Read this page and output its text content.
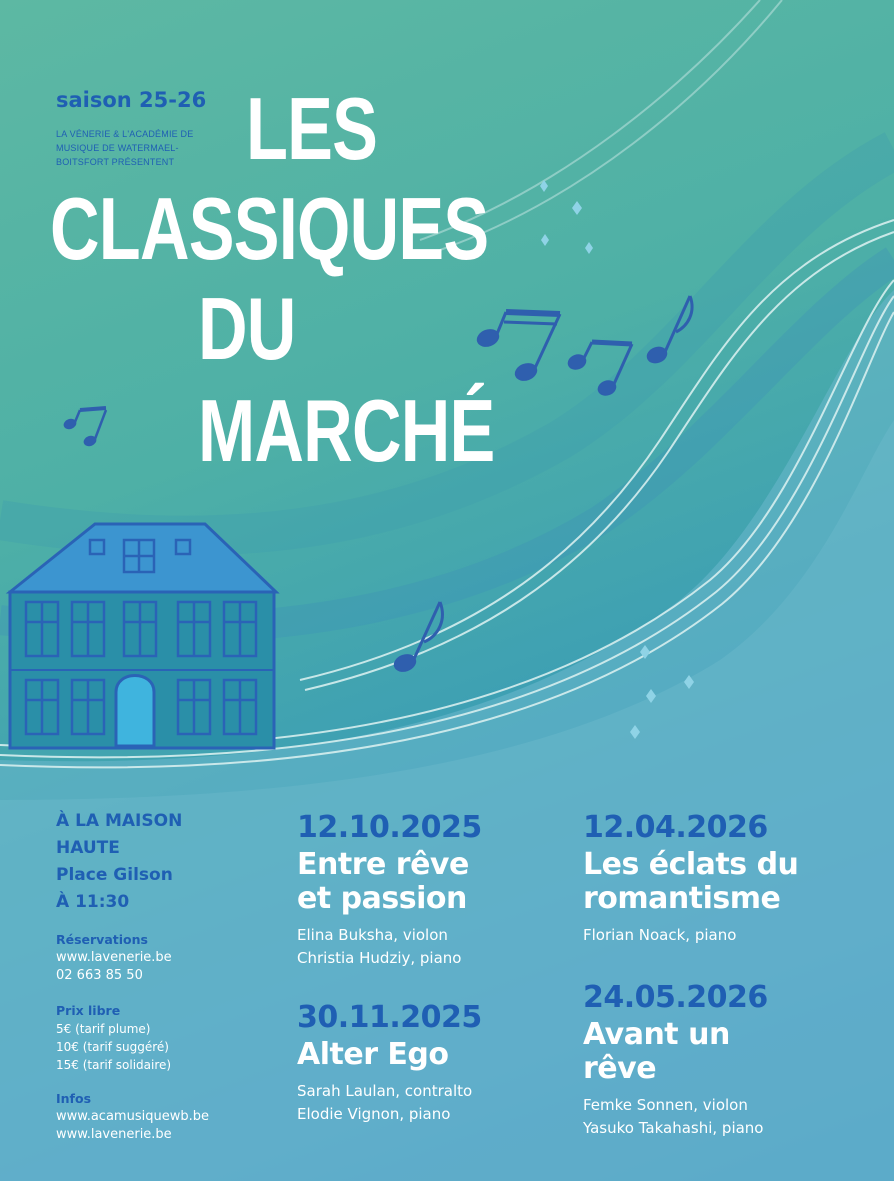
saison 25-26

LA VÉNERIE & L'ACADÉMIE DE MUSIQUE DE WATERMAEL-BOITSFORT PRÉSENTENT LES

CLASSIQUES

DU

MARCHÉ

À LA MAISON
HAUTE
Place Gilson
À 11:30
Réservations
www.lavenerie.be
02 663 85 50
Prix libre
5€ (tarif plume)
10€ (tarif suggéré)
15€ (tarif solidaire)
Infos
www.acamusiquewb.be
www.lavenerie.be
12.10.2025
Entre rêve
et passion
Elina Buksha, violon
Christia Hudziy, piano
30.11.2025
Alter Ego
Sarah Laulan, contralto
Elodie Vignon, piano
12.04.2026
Les éclats du
romantisme
Florian Noack, piano
24.05.2026
Avant un
rêve
Femke Sonnen, violon
Yasuko Takahashi, piano
